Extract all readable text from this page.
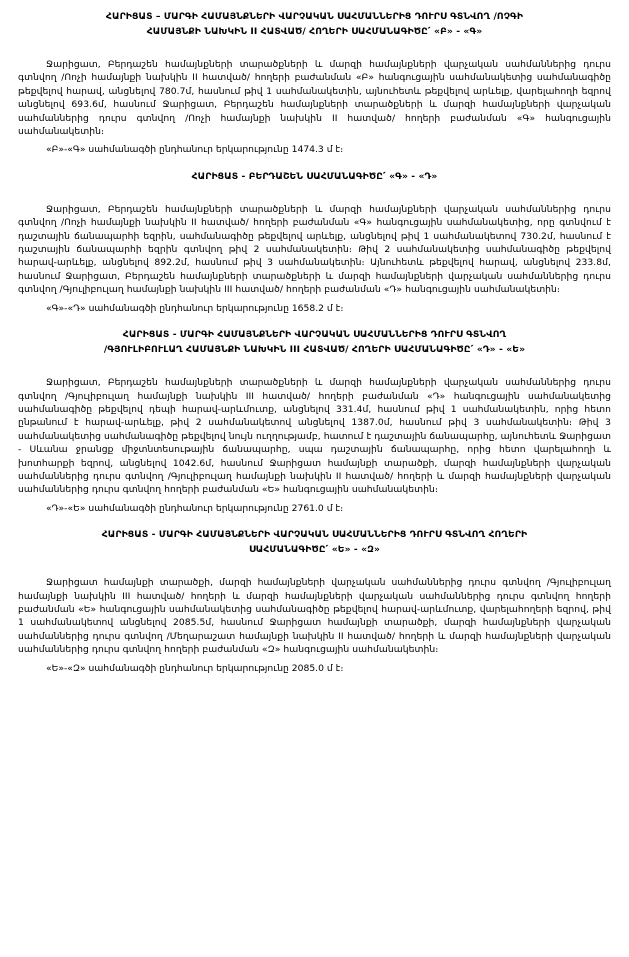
ՀԱՐԻՑԱՏ – ՄԱՐԳԻ ՀԱՄԱՅՆՔՆԵՐԻ ՎԱՐՉԱԿԱՆ ՍԱՀՄԱՆՆԵՐԻՑ ԴՈՒՐՍ ԳՏՆՎՈՂ /ՈՉԳԻ
ՀԱՄԱՅՆՔԻ ՆԱԽԿԻՆ II ՀԱՏՎԱԾ/ ՀՈՂԵՐԻ ՍԱՀՄԱՆԱԳԻԾԸ՛ «Բ» - «Գ»

Ջարիցատ, Բերդաշեն համայնքների տարածքների և մարզի համայնքների վարչական սահմաններից դուրս գտնվող /Ոոչի համայնքի նախկին II հատված/ հողերի բաժանման «Բ» հանգուցային սահմանակետից սահմանագիծը թեքվելով հարավ, անցնելով 780.7մ, հասնում թիվ 1 սահմանակետին, այնուհետև թեքվելով արևելք, վարելահողի եզրով անցնելով 693.6մ, հասնում Ջարիցատ, Բերդաշեն համայնքների տարածքների և մարզի համայնքների վարչական սահմաններից դուրս գտնվող /Ոոչի համայնքի նախկին II հատված/ հողերի բաժանման «Գ» հանգուցային սահմանակետին։

«Բ»-«Գ» սահմանագծի ընդհանուր երկարությունը 1474.3 մ է։

ՀԱՐԻՑԱՏ - ԲԵՐԴԱՇԵՆ ՍԱՀՄԱՆԱԳԻԾԸ՛ «Գ» - «Դ»

Ջարիցատ, Բերդաշեն համայնքների տարածքների և մարզի համայնքների վարչական սահմաններից դուրս գտնվող /Ոոչի համայնքի նախկին II հատված/ հողերի բաժանման «Գ» հանգուցային սահմանակետից, որը գտնվում է դաշտային ճանապարհի եզրին, սահմանագիծը թեքվելով արևելք, անցնելով թիվ 1 սահմանակետով 730.2մ, հասնում է դաշտային ճանապարհի եզրին գտնվող թիվ 2 սահմանակետին։ Թիվ 2 սահմանակետից սահմանագիծը թեքվելով հարավ-արևելք, անցնելով 892.2մ, հասնում թիվ 3 սահմանակետին։ Այնուհետև թեքվելով հարավ, անցնելով 233.8մ, հասնում Ջարիցատ, Բերդաշեն համայնքների տարածքների և մարզի համայնքների վարչական սահմաններից դուրս գտնվող /Գյուլիբուլաղ համայնքի նախկին III հատված/ հողերի բաժանման «Դ» հանգուցային սահմանակետին։

«Գ»-«Դ» սահմանագծի ընդհանուր երկարությունը 1658.2 մ է։

ՀԱՐԻՑԱՏ - ՄԱՐԳԻ ՀԱՄԱՅՆՔՆԵՐԻ ՎԱՐՉԱԿԱՆ ՍԱՀՄԱՆՆԵՐԻՑ ԴՈՒՐՍ ԳՏՆՎՈՂ
/ԳՅՈՒԼԻԲՈՒԼԱՂ ՀԱՄԱՅՆՔԻ ՆԱԽԿԻՆ III ՀԱՏՎԱԾ/ ՀՈՂԵՐԻ ՍԱՀՄԱՆԱԳԻԾԸ՛ «Դ» - «Ե»

Ջարիցատ, Բերդաշեն համայնքների տարածքների և մարզի համայնքների վարչական սահմաններից դուրս գտնվող /Գյուլիբուլաղ համայնքի նախկին III հատված/ հողերի բաժանման «Դ» հանգուցային սահմանակետից սահմանագիծը թեքվելով դեպի հարավ-արևմուտք, անցնելով 331.4մ, հասնում թիվ 1 սահմանակետին, որից հետո ընթանում է հարավ-արևելք, թիվ 2 սահմանակետով անցնելով 1387.0մ, հասնում թիվ 3 սահմանակետին։ Թիվ 3 սահմանակետից սահմանագիծը թեքվելով նույն ուղղությամբ, հատում է դաշտային ճանապարհը, այնուհետև Ջարիցատ - Սևանա ջրանցք միջտնտեսութային ճանապարհը, սպա դաշտային ճանապարհը, որից հետո վարելահողի և խոտհարքի եզրով, անցնելով 1042.6մ, հասնում Ջարիցատ համայնքի տարածքի, մարզի համայնքների վարչական սահմաններից դուրս գտնվող /Գյուլիբուլաղ համայնքի նախկին II հատված/ հողերի և մարզի համայնքների վարչական սահմաններից դուրս գտնվող հողերի բաժանման «Ե» հանգուցային սահմանակետին։

«Դ»-«Ե» սահմանագծի ընդհանուր երկարությունը 2761.0 մ է։

ՀԱՐԻՑԱՏ - ՄԱՐԳԻ ՀԱՄԱՅՆՔՆԵՐԻ ՎԱՐՉԱԿԱՆ ՍԱՀՄԱՆՆԵՐԻՑ ԴՈՒՐՍ ԳՏՆՎՈՂ ՀՈՂԵՐԻ
ՍԱՀՄԱՆԱԳԻԾԸ՛ «Ե» - «Զ»

Ջարիցատ համայնքի տարածքի, մարզի համայնքների վարչական սահմաններից դուրս գտնվող /Գյուլիբուլաղ համայնքի նախկին III հատված/ հողերի և մարզի համայնքների վարչական սահմաններից դուրս գտնվող հողերի բաժանման «Ե» հանգուցային սահմանակետից սահմանագիծը թեքվելով հարավ-արևմուտք, վարելահողերի եզրով, թիվ 1 սահմանակետով անցնելով 2085.5մ, հասնում Ջարիցատ համայնքի տարածքի, մարզի համայնքների վարչական սահմաններից դուրս գտնվող /Մեղարաշատ համայնքի նախկին II հատված/ հողերի և մարզի համայնքների վարչական սահմաններից դուրս գտնվող հողերի բաժանման «Զ» հանգուցային սահմանակետին։

«Ե»-«Զ» սահմանագծի ընդհանուր երկարությունը 2085.0 մ է։
